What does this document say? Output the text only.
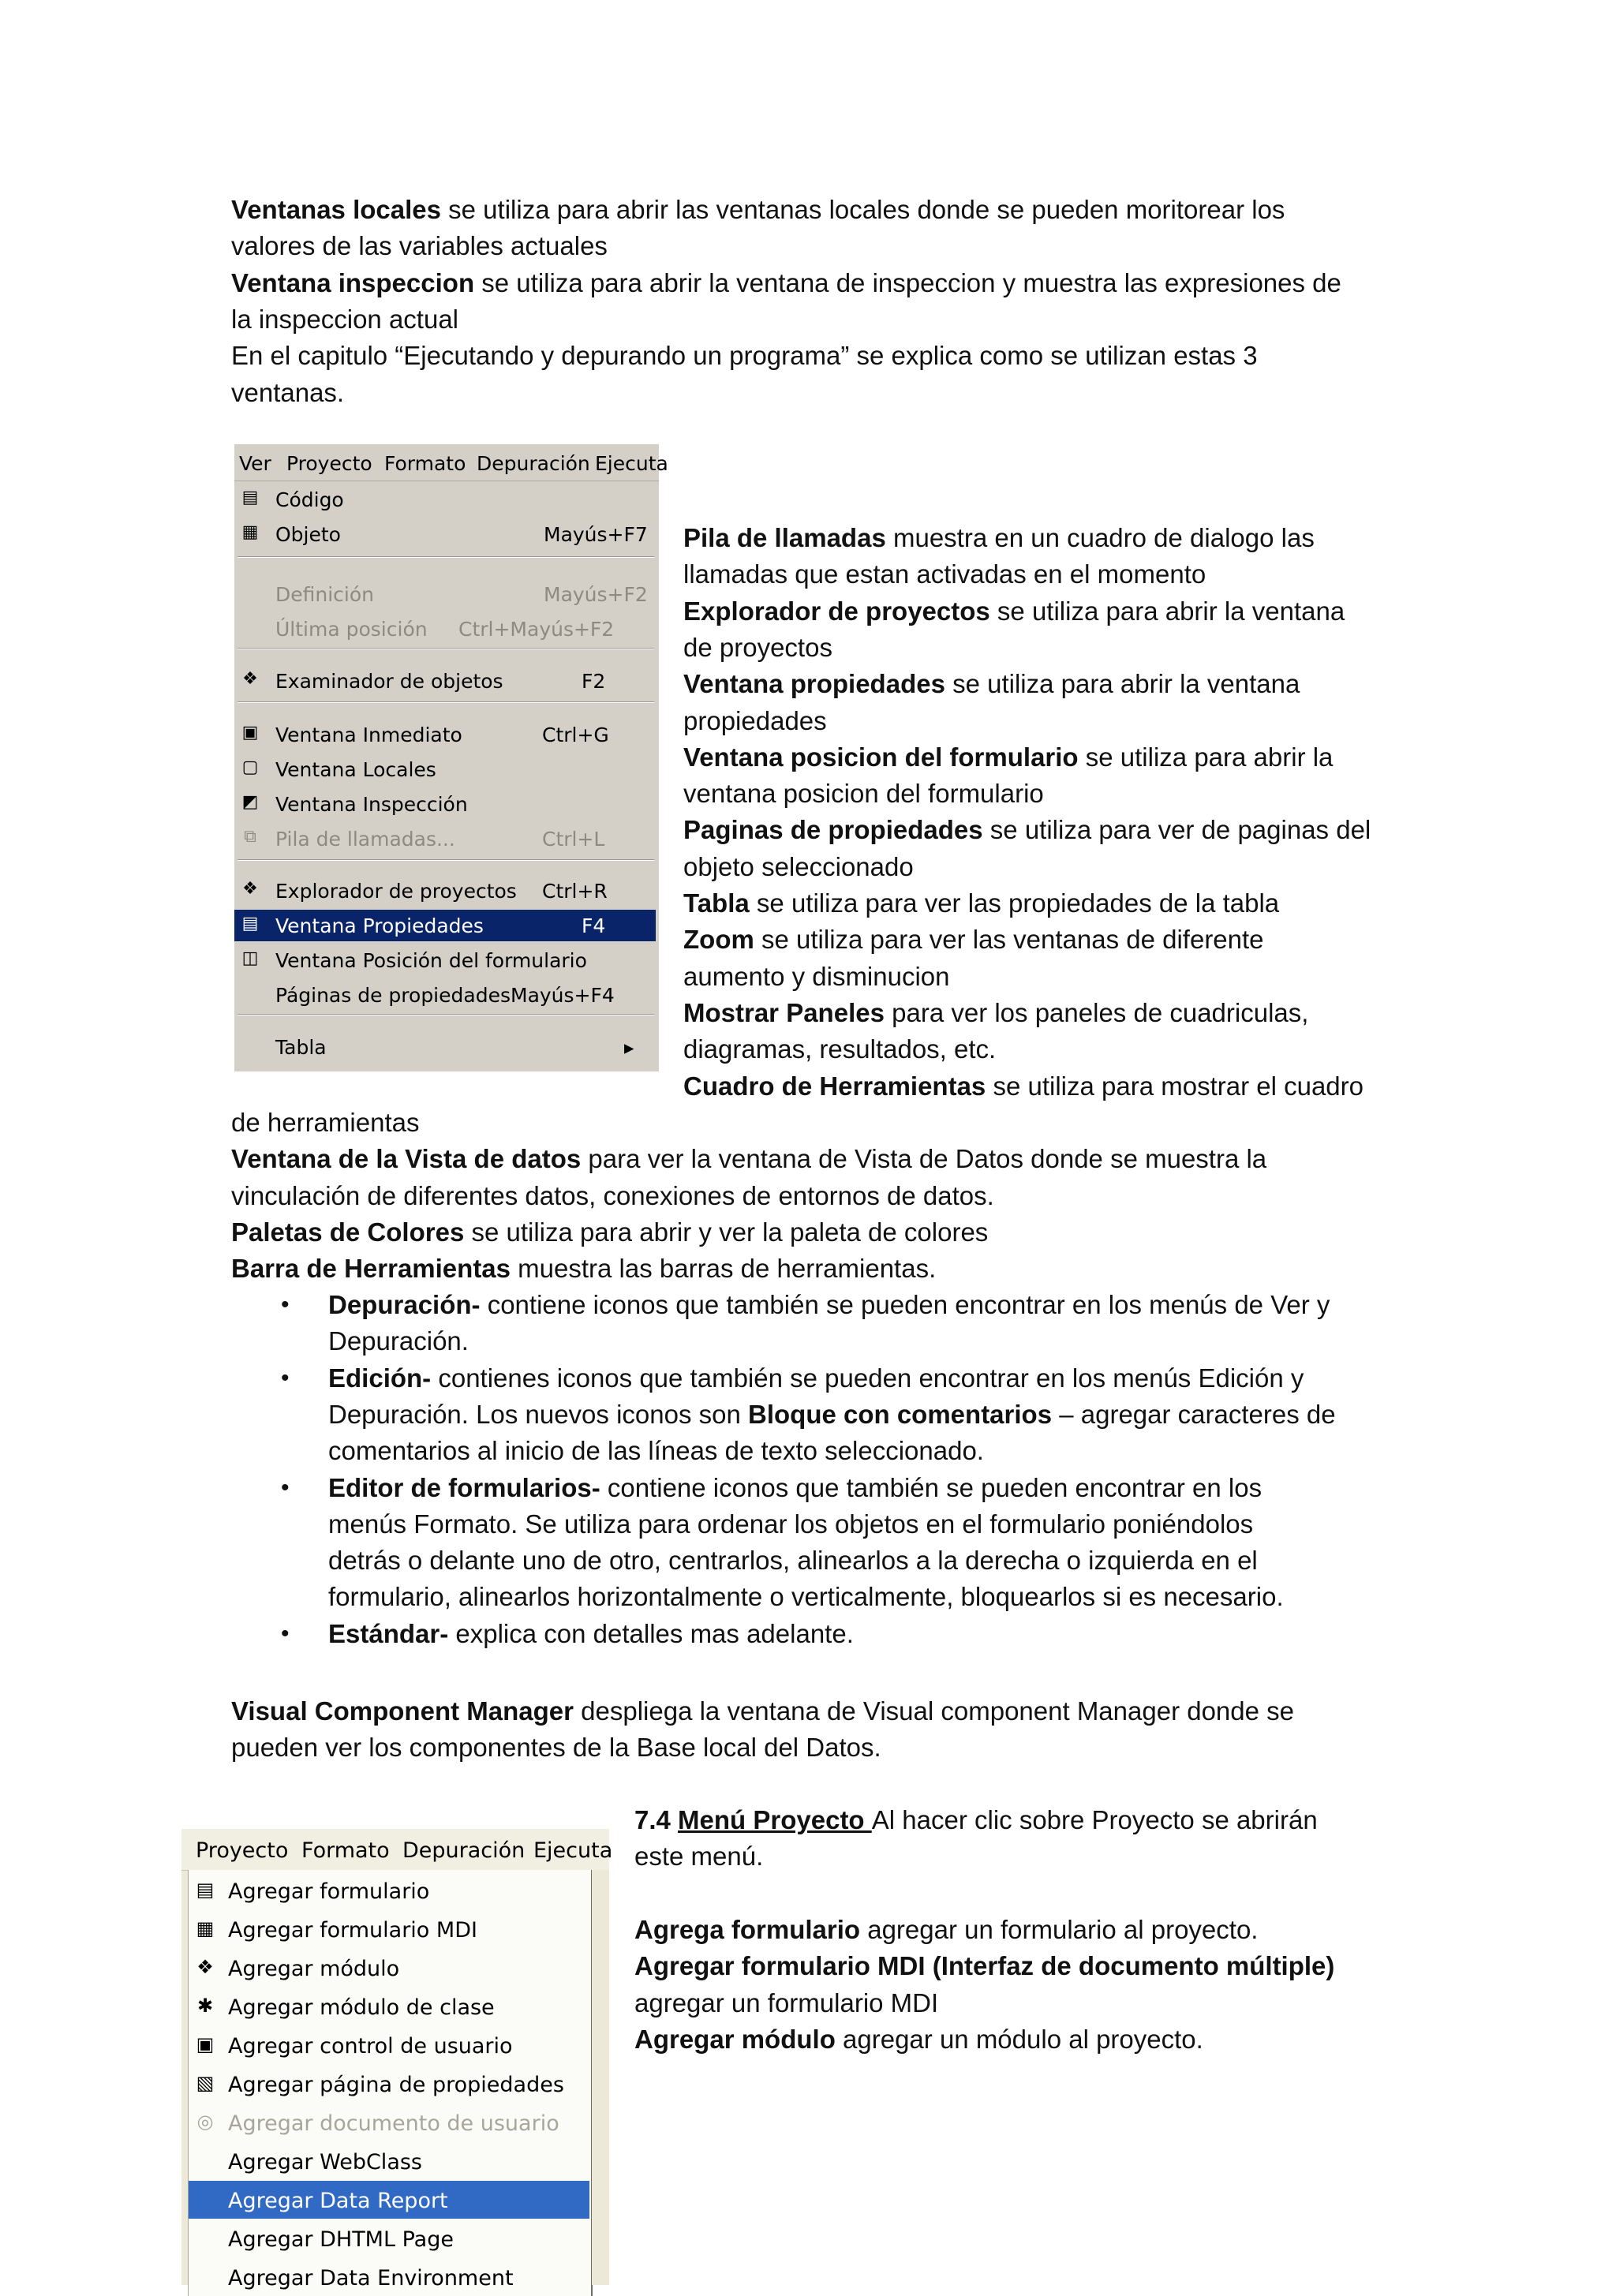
Ventanas locales se utiliza para abrir las ventanas locales donde se pueden moritorear los
valores de las variables actuales
Ventana inspeccion se utiliza para abrir la ventana de inspeccion y muestra las expresiones de
la inspeccion actual
En el capitulo “Ejecutando y depurando un programa” se explica como se utilizan estas 3
ventanas.
Ver Proyecto Formato Depuración Ejecuta
▤ Código
▦ Objeto	Mayús+F7
Definición	Mayús+F2
Última posición Ctrl+Mayús+F2
❖ Examinador de objetos	F2
▣ Ventana Inmediato	Ctrl+G
▢ Ventana Locales
◩ Ventana Inspección
⧉ Pila de llamadas...	Ctrl+L
❖ Explorador de proyectos Ctrl+R
▤ Ventana Propiedades	F4
◫ Ventana Posición del formulario
Páginas de propiedades Mayús+F4
Tabla	▸
Pila de llamadas muestra en un cuadro de dialogo las
llamadas que estan activadas en el momento
Explorador de proyectos se utiliza para abrir la ventana
de proyectos
Ventana propiedades se utiliza para abrir la ventana
propiedades
Ventana posicion del formulario se utiliza para abrir la
ventana posicion del formulario
Paginas de propiedades se utiliza para ver de paginas del
objeto seleccionado
Tabla se utiliza para ver las propiedades de la tabla
Zoom se utiliza para ver las ventanas de diferente
aumento y disminucion
Mostrar Paneles para ver los paneles de cuadriculas,
diagramas, resultados, etc.
Cuadro de Herramientas se utiliza para mostrar el cuadro
de herramientas
Ventana de la Vista de datos para ver la ventana de Vista de Datos donde se muestra la
vinculación de diferentes datos, conexiones de entornos de datos.
Paletas de Colores se utiliza para abrir y ver la paleta de colores
Barra de Herramientas muestra las barras de herramientas.
• Depuración- contiene iconos que también se pueden encontrar en los menús de Ver y
Depuración.
• Edición- contienes iconos que también se pueden encontrar en los menús Edición y
Depuración. Los nuevos iconos son Bloque con comentarios – agregar caracteres de
comentarios al inicio de las líneas de texto seleccionado.
• Editor de formularios- contiene iconos que también se pueden encontrar en los
menús Formato. Se utiliza para ordenar los objetos en el formulario poniéndolos
detrás o delante uno de otro, centrarlos, alinearlos a la derecha o izquierda en el
formulario, alinearlos horizontalmente o verticalmente, bloquearlos si es necesario.
• Estándar- explica con detalles mas adelante.
Visual Component Manager despliega la ventana de Visual component Manager donde se
pueden ver los componentes de la Base local del Datos.
7.4 Menú Proyecto Al hacer clic sobre Proyecto se abrirán
este menú.
Agrega formulario agregar un formulario al proyecto.
Agregar formulario MDI (Interfaz de documento múltiple)
agregar un formulario MDI
Agregar módulo agregar un módulo al proyecto.
Proyecto Formato Depuración Ejecuta
▤ Agregar formulario
▦ Agregar formulario MDI
❖ Agregar módulo
✱ Agregar módulo de clase
▣ Agregar control de usuario
▧ Agregar página de propiedades
◎ Agregar documento de usuario
Agregar WebClass
Agregar Data Report
Agregar DHTML Page
Agregar Data Environment
